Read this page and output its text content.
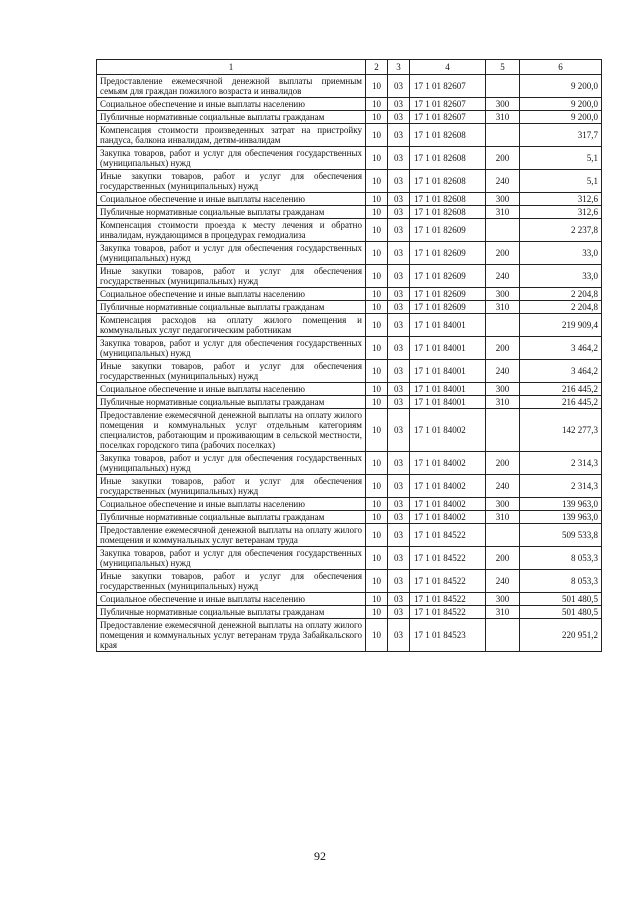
1	2	3	4	5	6
Предоставление ежемесячной денежной выплаты приемным семьям для граждан пожилого возраста и инвалидов	10	03	17 1 01 82607		9 200,0
Социальное обеспечение и иные выплаты населению	10	03	17 1 01 82607	300	9 200,0
Публичные нормативные социальные выплаты гражданам	10	03	17 1 01 82607	310	9 200,0
Компенсация стоимости произведенных затрат на пристройку пандуса, балкона инвалидам, детям-инвалидам	10	03	17 1 01 82608		317,7
Закупка товаров, работ и услуг для обеспечения государственных (муниципальных) нужд	10	03	17 1 01 82608	200	5,1
Иные закупки товаров, работ и услуг для обеспечения государственных (муниципальных) нужд	10	03	17 1 01 82608	240	5,1
Социальное обеспечение и иные выплаты населению	10	03	17 1 01 82608	300	312,6
Публичные нормативные социальные выплаты гражданам	10	03	17 1 01 82608	310	312,6
Компенсация стоимости проезда к месту лечения и обратно инвалидам, нуждающимся в процедурах гемодиализа	10	03	17 1 01 82609		2 237,8
Закупка товаров, работ и услуг для обеспечения государственных (муниципальных) нужд	10	03	17 1 01 82609	200	33,0
Иные закупки товаров, работ и услуг для обеспечения государственных (муниципальных) нужд	10	03	17 1 01 82609	240	33,0
Социальное обеспечение и иные выплаты населению	10	03	17 1 01 82609	300	2 204,8
Публичные нормативные социальные выплаты гражданам	10	03	17 1 01 82609	310	2 204,8
Компенсация расходов на оплату жилого помещения и коммунальных услуг педагогическим работникам	10	03	17 1 01 84001		219 909,4
Закупка товаров, работ и услуг для обеспечения государственных (муниципальных) нужд	10	03	17 1 01 84001	200	3 464,2
Иные закупки товаров, работ и услуг для обеспечения государственных (муниципальных) нужд	10	03	17 1 01 84001	240	3 464,2
Социальное обеспечение и иные выплаты населению	10	03	17 1 01 84001	300	216 445,2
Публичные нормативные социальные выплаты гражданам	10	03	17 1 01 84001	310	216 445,2
Предоставление ежемесячной денежной выплаты на оплату жилого помещения и коммунальных услуг отдельным категориям специалистов, работающим и проживающим в сельской местности, поселках городского типа (рабочих поселках)	10	03	17 1 01 84002		142 277,3
Закупка товаров, работ и услуг для обеспечения государственных (муниципальных) нужд	10	03	17 1 01 84002	200	2 314,3
Иные закупки товаров, работ и услуг для обеспечения государственных (муниципальных) нужд	10	03	17 1 01 84002	240	2 314,3
Социальное обеспечение и иные выплаты населению	10	03	17 1 01 84002	300	139 963,0
Публичные нормативные социальные выплаты гражданам	10	03	17 1 01 84002	310	139 963,0
Предоставление ежемесячной денежной выплаты на оплату жилого помещения и коммунальных услуг ветеранам труда	10	03	17 1 01 84522		509 533,8
Закупка товаров, работ и услуг для обеспечения государственных (муниципальных) нужд	10	03	17 1 01 84522	200	8 053,3
Иные закупки товаров, работ и услуг для обеспечения государственных (муниципальных) нужд	10	03	17 1 01 84522	240	8 053,3
Социальное обеспечение и иные выплаты населению	10	03	17 1 01 84522	300	501 480,5
Публичные нормативные социальные выплаты гражданам	10	03	17 1 01 84522	310	501 480,5
Предоставление ежемесячной денежной выплаты на оплату жилого помещения и коммунальных услуг ветеранам труда Забайкальского края	10	03	17 1 01 84523		220 951,2
92
